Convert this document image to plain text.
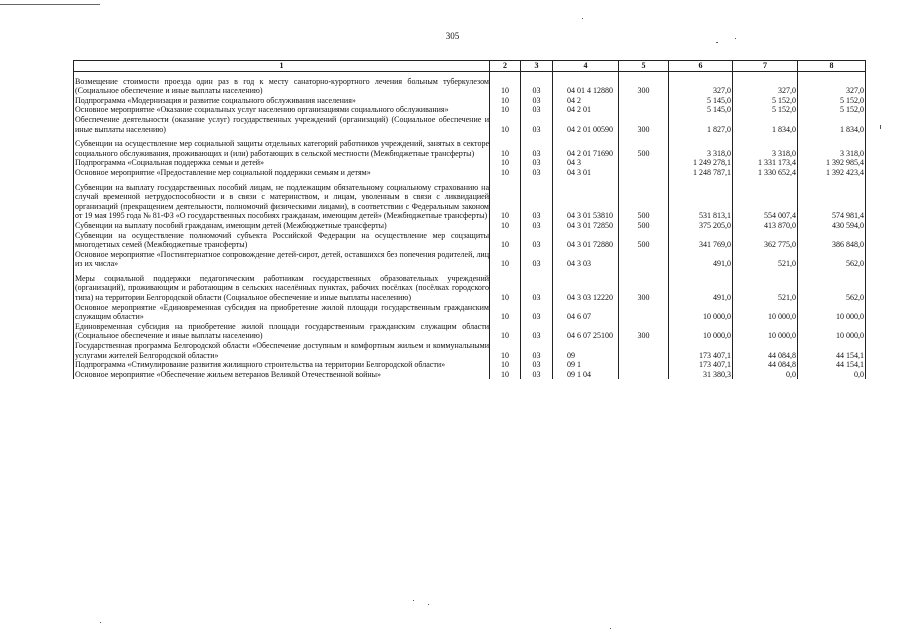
305
1	2	3	4	5	6	7	8
Возмещение стоимости проезда один раз в год к месту санаторно-курортного лечения больным туберкулезом (Социальное обеспечение и иные выплаты населению)	10	03	04 01 4 12880	300	327,0	327,0	327,0
Подпрограмма «Модернизация и развитие социального обслуживания населения»	10	03	04 2		5 145,0	5 152,0	5 152,0
Основное мероприятие «Оказание социальных услуг населению организациями социального обслуживания»	10	03	04 2 01		5 145,0	5 152,0	5 152,0
Обеспечение деятельности (оказание услуг) государственных учреждений (организаций) (Социальное обеспечение и иные выплаты населению)	10	03	04 2 01 00590	300	1 827,0	1 834,0	1 834,0
Субвенции на осуществление мер социальной защиты отдельных категорий работников учреждений, занятых в секторе социального обслуживания, проживающих и (или) работающих в сельской местности (Межбюджетные трансферты)	10	03	04 2 01 71690	500	3 318,0	3 318,0	3 318,0
Подпрограмма «Социальная поддержка семьи и детей»	10	03	04 3		1 249 278,1	1 331 173,4	1 392 985,4
Основное мероприятие «Предоставление мер социальной поддержки семьям и детям»	10	03	04 3 01		1 248 787,1	1 330 652,4	1 392 423,4
Субвенции на выплату государственных пособий лицам, не подлежащим обязательному социальному страхованию на случай временной нетрудоспособности и в связи с материнством, и лицам, уволенным в связи с ликвидацией организаций (прекращением деятельности, полномочий физическими лицами), в соответствии с Федеральным законом от 19 мая 1995 года № 81-ФЗ «О государственных пособиях гражданам, имеющим детей» (Межбюджетные трансферты)	10	03	04 3 01 53810	500	531 813,1	554 007,4	574 981,4
Субвенции на выплату пособий гражданам, имеющим детей (Межбюджетные трансферты)	10	03	04 3 01 72850	500	375 205,0	413 870,0	430 594,0
Субвенции на осуществление полномочий субъекта Российской Федерации на осуществление мер соцзащиты многодетных семей (Межбюджетные трансферты)	10	03	04 3 01 72880	500	341 769,0	362 775,0	386 848,0
Основное мероприятие «Постинтернатное сопровождение детей-сирот, детей, оставшихся без попечения родителей, лиц из их числа»	10	03	04 3 03		491,0	521,0	562,0
Меры социальной поддержки педагогическим работникам государственных образовательных учреждений (организаций), проживающим и работающим в сельских населённых пунктах, рабочих посёлках (посёлках городского типа) на территории Белгородской области (Социальное обеспечение и иные выплаты населению)	10	03	04 3 03 12220	300	491,0	521,0	562,0
Основное мероприятие «Единовременная субсидия на приобретение жилой площади государственным гражданским служащим области»	10	03	04 6 07		10 000,0	10 000,0	10 000,0
Единовременная субсидия на приобретение жилой площади государственным гражданским служащим области (Социальное обеспечение и иные выплаты населению)	10	03	04 6 07 25100	300	10 000,0	10 000,0	10 000,0
Государственная программа Белгородской области «Обеспечение доступным и комфортным жильем и коммунальными услугами жителей Белгородской области»	10	03	09		173 407,1	44 084,8	44 154,1
Подпрограмма «Стимулирование развития жилищного строительства на территории Белгородской области»	10	03	09 1		173 407,1	44 084,8	44 154,1
Основное мероприятие «Обеспечение жильем ветеранов Великой Отечественной войны»	10	03	09 1 04		31 380,3	0,0	0,0
